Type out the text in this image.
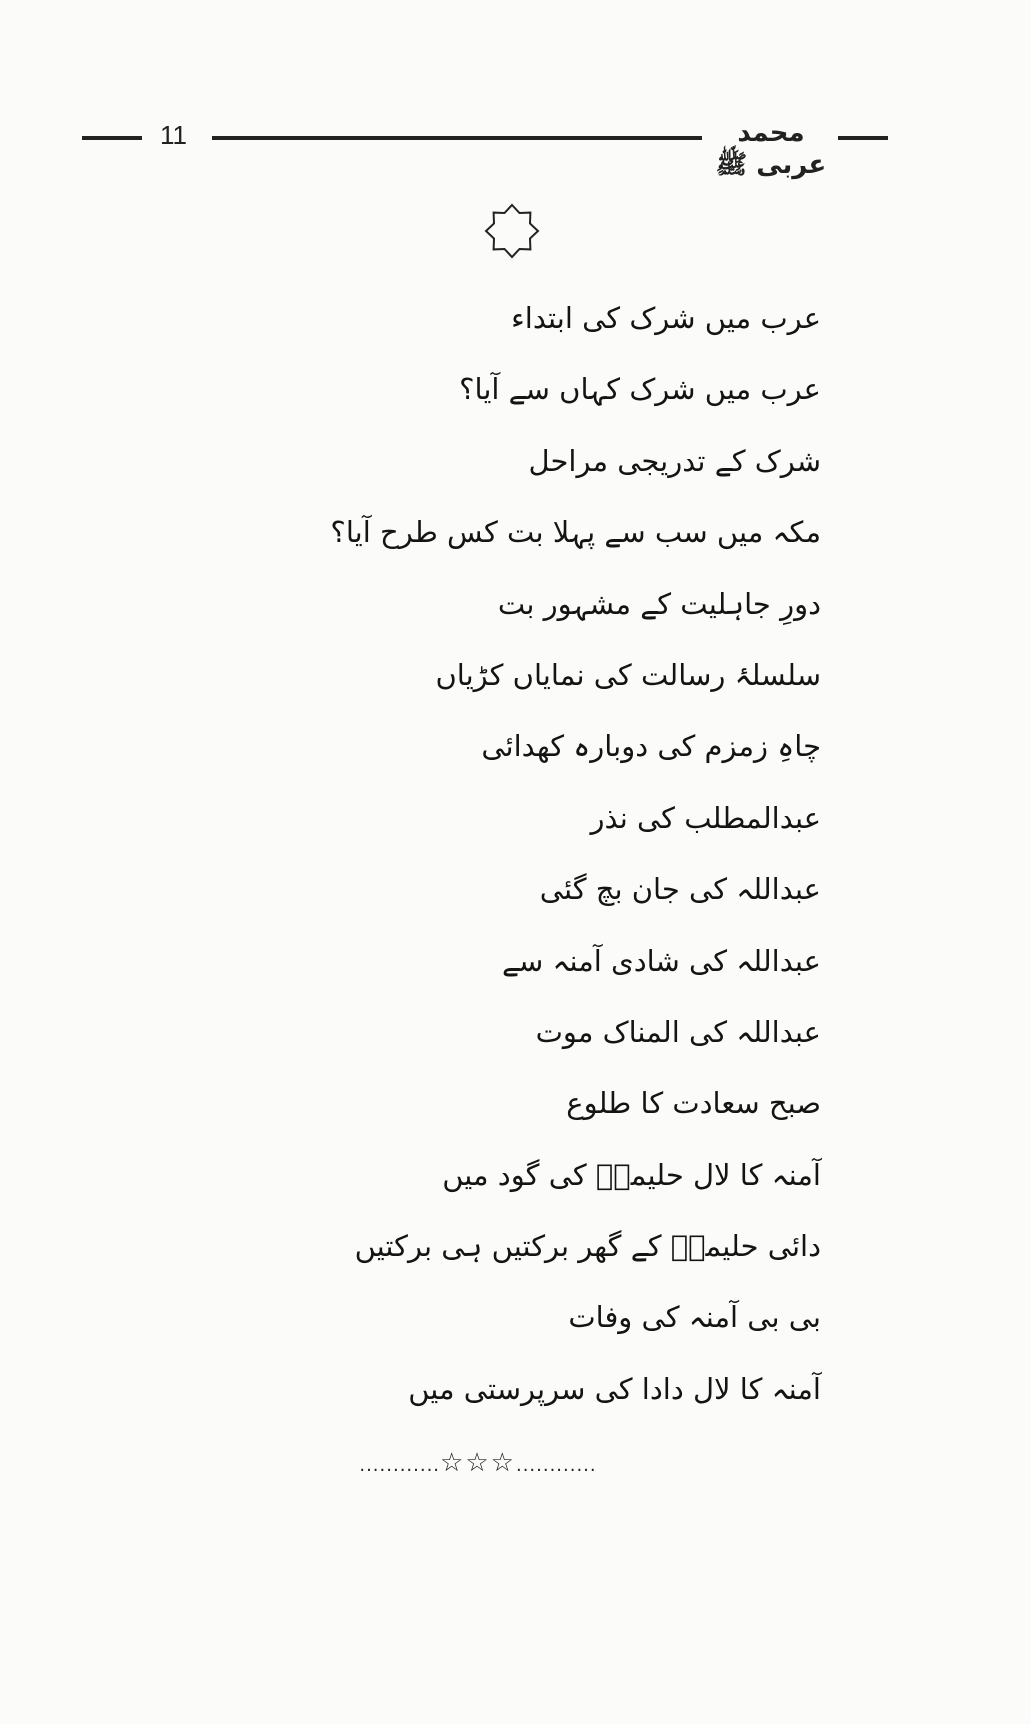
11	محمد عربی ﷺ
عرب میں شرک کی ابتداء
عرب میں شرک کہاں سے آیا؟
شرک کے تدریجی مراحل
مکہ میں سب سے پہلا بت کس طرح آیا؟
دورِ جاہلیت کے مشہور بت
سلسلۂ رسالت کی نمایاں کڑیاں
چاہِ زمزم کی دوبارہ کھدائی
عبدالمطلب کی نذر
عبداللہ کی جان بچ گئی
عبداللہ کی شادی آمنہ سے
عبداللہ کی المناک موت
صبح سعادت کا طلوع
آمنہ کا لال حلیمہؓ کی گود میں
دائی حلیمہؓ کے گھر برکتیں ہی برکتیں
بی بی آمنہ کی وفات
آمنہ کا لال دادا کی سرپرستی میں
............☆☆☆............
